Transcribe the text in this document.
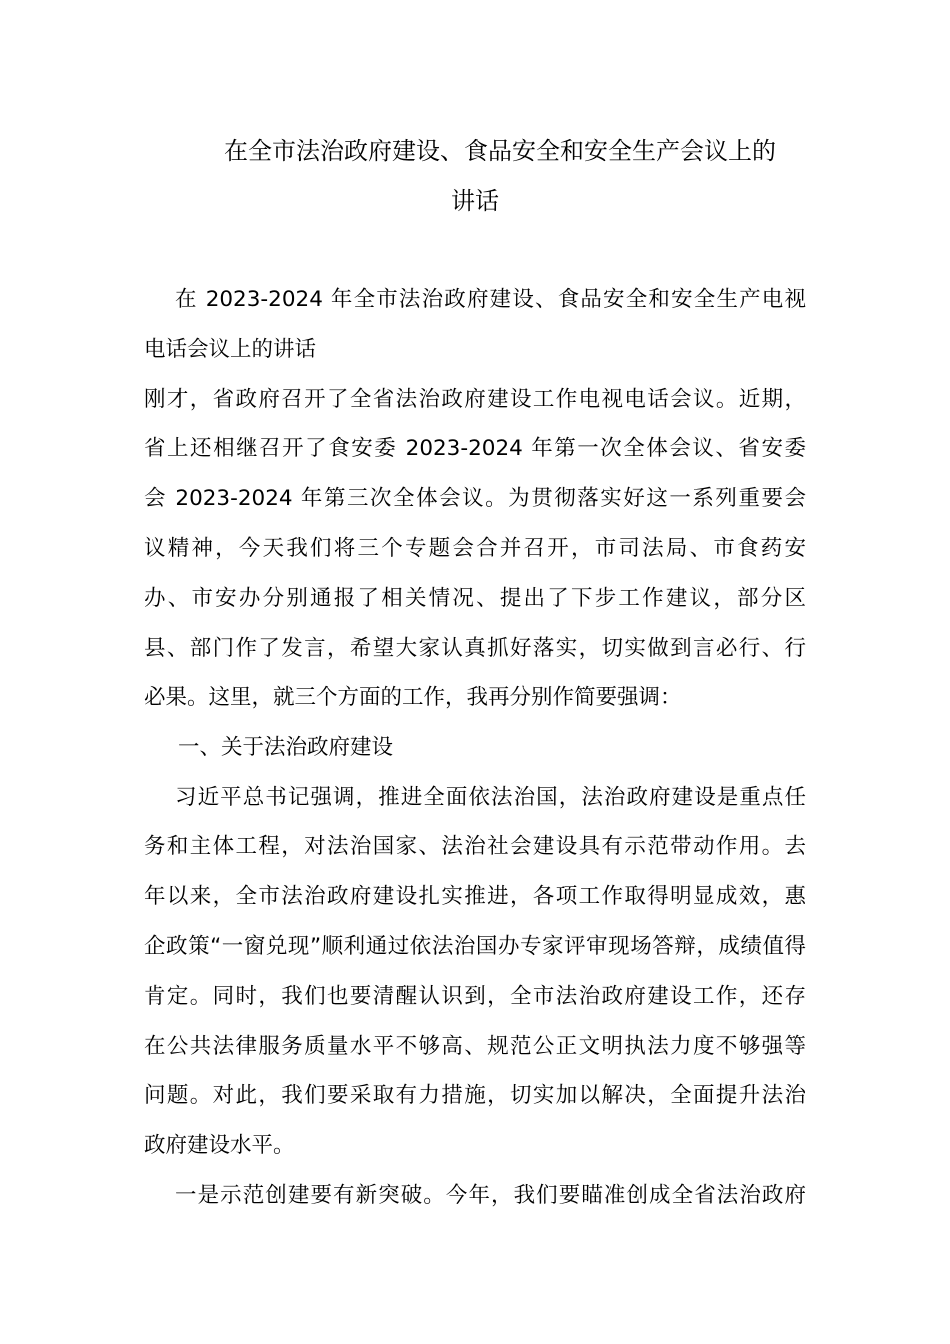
在全市法治政府建设、食品安全和安全生产会议上的
讲话
在 2023-2024 年全市法治政府建设、食品安全和安全生产电视
电话会议上的讲话
刚才，省政府召开了全省法治政府建设工作电视电话会议。近期，
省上还相继召开了食安委 2023-2024 年第一次全体会议、省安委
会 2023-2024 年第三次全体会议。为贯彻落实好这一系列重要会
议精神，今天我们将三个专题会合并召开，市司法局、市食药安
办、市安办分别通报了相关情况、提出了下步工作建议，部分区
县、部门作了发言，希望大家认真抓好落实，切实做到言必行、行
必果。这里，就三个方面的工作，我再分别作简要强调：
一、关于法治政府建设
习近平总书记强调，推进全面依法治国，法治政府建设是重点任
务和主体工程，对法治国家、法治社会建设具有示范带动作用。去
年以来，全市法治政府建设扎实推进，各项工作取得明显成效，惠
企政策“一窗兑现”顺利通过依法治国办专家评审现场答辩，成绩值得
肯定。同时，我们也要清醒认识到，全市法治政府建设工作，还存
在公共法律服务质量水平不够高、规范公正文明执法力度不够强等
问题。对此，我们要采取有力措施，切实加以解决，全面提升法治
政府建设水平。
一是示范创建要有新突破。今年，我们要瞄准创成全省法治政府
